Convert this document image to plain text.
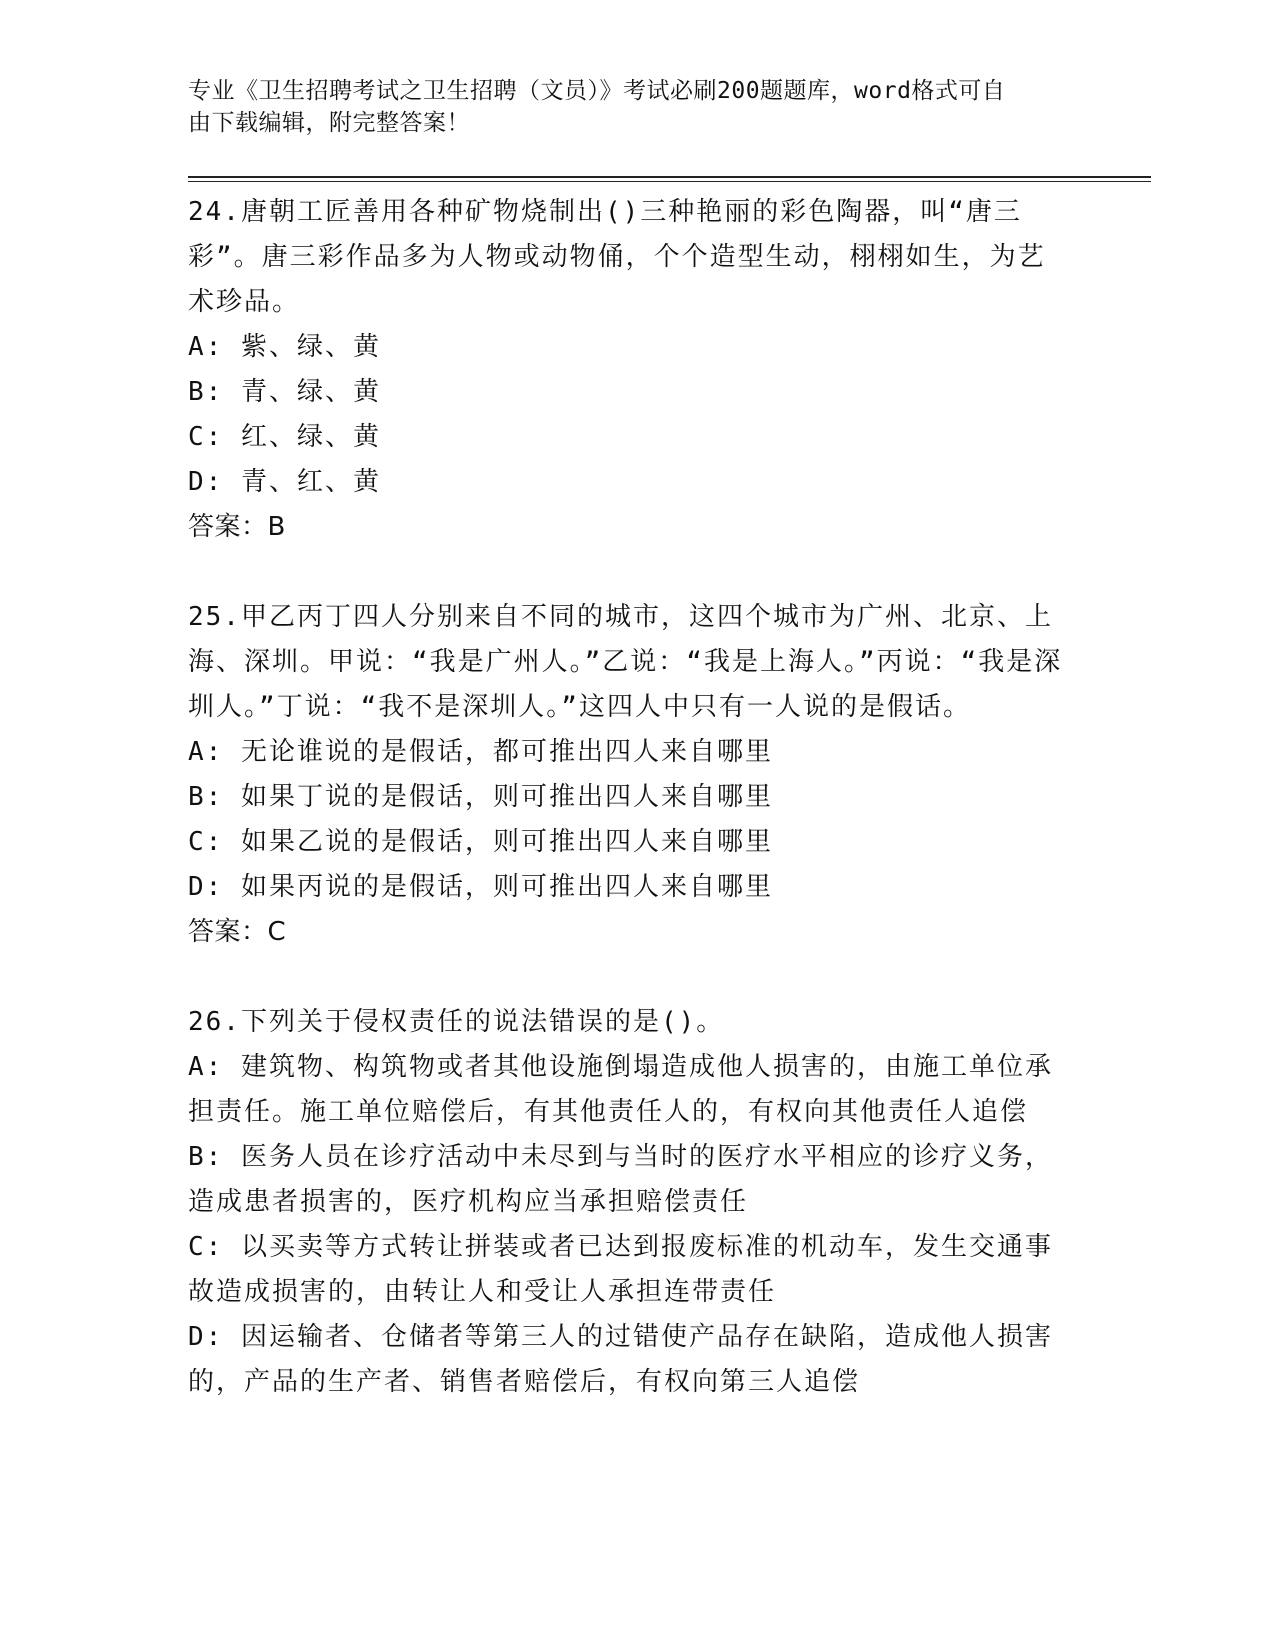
专业《卫生招聘考试之卫生招聘（文员）》考试必刷200题题库，word格式可自
由下载编辑，附完整答案！

24.唐朝工匠善用各种矿物烧制出()三种艳丽的彩色陶器，叫“唐三彩”。唐三彩作品多为人物或动物俑，个个造型生动，栩栩如生，为艺术珍品。

A: 紫、绿、黄

B: 青、绿、黄

C: 红、绿、黄

D: 青、红、黄

答案：B

25.甲乙丙丁四人分别来自不同的城市，这四个城市为广州、北京、上海、深圳。甲说：“我是广州人。”乙说：“我是上海人。”丙说：“我是深圳人。”丁说：“我不是深圳人。”这四人中只有一人说的是假话。

A: 无论谁说的是假话，都可推出四人来自哪里

B: 如果丁说的是假话，则可推出四人来自哪里

C: 如果乙说的是假话，则可推出四人来自哪里

D: 如果丙说的是假话，则可推出四人来自哪里

答案：C

26.下列关于侵权责任的说法错误的是()。

A: 建筑物、构筑物或者其他设施倒塌造成他人损害的，由施工单位承担责任。施工单位赔偿后，有其他责任人的，有权向其他责任人追偿

B: 医务人员在诊疗活动中未尽到与当时的医疗水平相应的诊疗义务，造成患者损害的，医疗机构应当承担赔偿责任

C: 以买卖等方式转让拼装或者已达到报废标准的机动车，发生交通事故造成损害的，由转让人和受让人承担连带责任

D: 因运输者、仓储者等第三人的过错使产品存在缺陷，造成他人损害的，产品的生产者、销售者赔偿后，有权向第三人追偿
